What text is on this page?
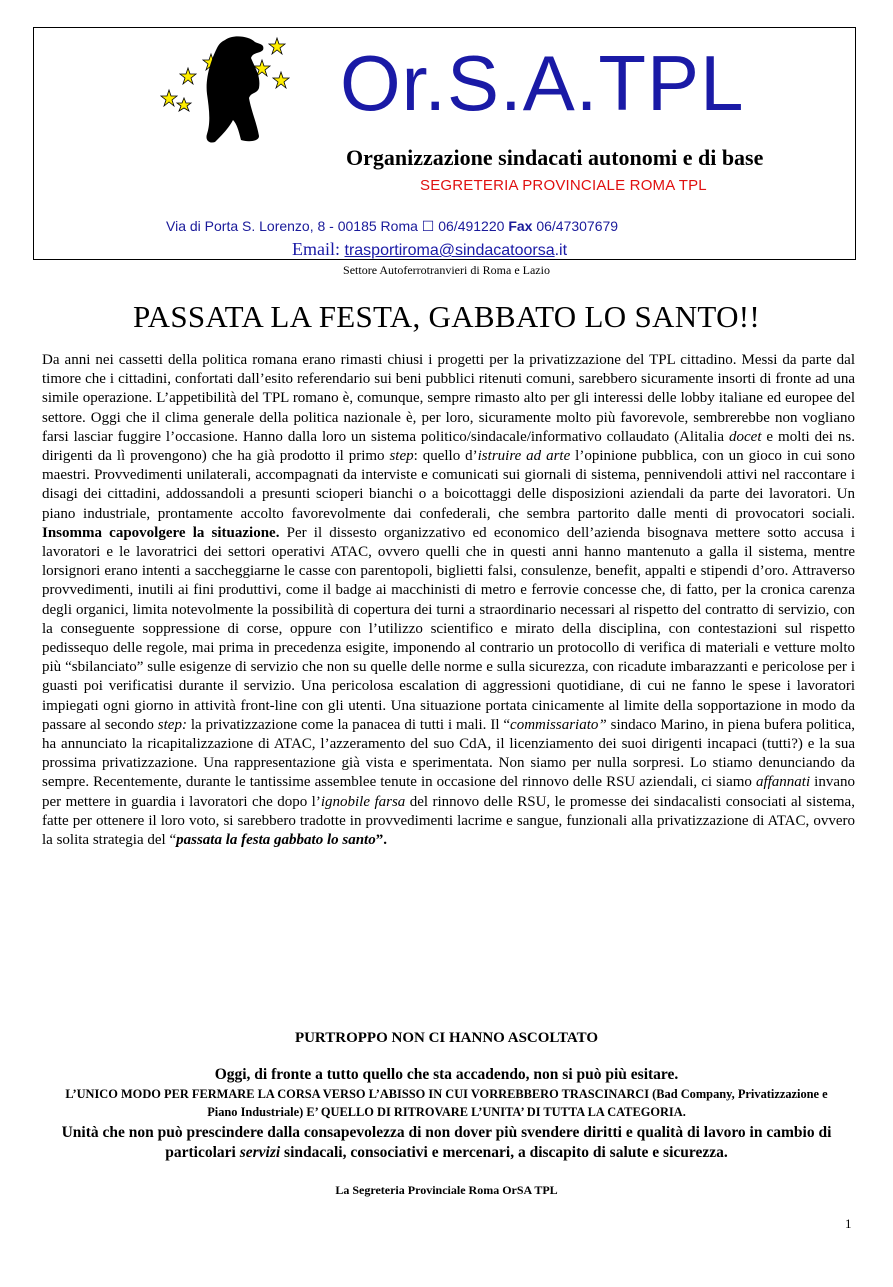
Or.S.A.TPL
Organizzazione sindacati autonomi e di base
SEGRETERIA PROVINCIALE ROMA TPL
Via di Porta S. Lorenzo, 8 - 00185 Roma ☐ 06/491220 Fax 06/47307679
Email: trasportiroma@sindacatoorsa.it
Settore Autoferrotranvieri di Roma e Lazio
PASSATA LA FESTA, GABBATO LO SANTO!!

Da anni nei cassetti della politica romana erano rimasti chiusi i progetti per la privatizzazione del TPL cittadino. Messi da parte dal timore che i cittadini, confortati dall’esito referendario sui beni pubblici ritenuti comuni, sarebbero sicuramente insorti di fronte ad una simile operazione. L’appetibilità del TPL romano è, comunque, sempre rimasto alto per gli interessi delle lobby italiane ed europee del settore. Oggi che il clima generale della politica nazionale è, per loro, sicuramente molto più favorevole, sembrerebbe non vogliano farsi lasciar fuggire l’occasione. Hanno dalla loro un sistema politico/sindacale/informativo collaudato (Alitalia docet e molti dei ns. dirigenti da lì provengono) che ha già prodotto il primo step: quello d’istruire ad arte l’opinione pubblica, con un gioco in cui sono maestri. Provvedimenti unilaterali, accompagnati da interviste e comunicati sui giornali di sistema, pennivendoli attivi nel raccontare i disagi dei cittadini, addossandoli a presunti scioperi bianchi o a boicottaggi delle disposizioni aziendali da parte dei lavoratori. Un piano industriale, prontamente accolto favorevolmente dai confederali, che sembra partorito dalle menti di provocatori sociali. Insomma capovolgere la situazione. Per il dissesto organizzativo ed economico dell’azienda bisognava mettere sotto accusa i lavoratori e le lavoratrici dei settori operativi ATAC, ovvero quelli che in questi anni hanno mantenuto a galla il sistema, mentre lorsignori erano intenti a saccheggiarne le casse con parentopoli, biglietti falsi, consulenze, benefit, appalti e stipendi d’oro. Attraverso provvedimenti, inutili ai fini produttivi, come il badge ai macchinisti di metro e ferrovie concesse che, di fatto, per la cronica carenza degli organici, limita notevolmente la possibilità di copertura dei turni a straordinario necessari al rispetto del contratto di servizio, con la conseguente soppressione di corse, oppure con l’utilizzo scientifico e mirato della disciplina, con contestazioni sul rispetto pedissequo delle regole, mai prima in precedenza esigite, imponendo al contrario un protocollo di verifica di materiali e vetture molto più “sbilanciato” sulle esigenze di servizio che non su quelle delle norme e sulla sicurezza, con ricadute imbarazzanti e pericolose per i guasti poi verificatisi durante il servizio. Una pericolosa escalation di aggressioni quotidiane, di cui ne fanno le spese i lavoratori impiegati ogni giorno in attività front-line con gli utenti. Una situazione portata cinicamente al limite della sopportazione in modo da passare al secondo step: la privatizzazione come la panacea di tutti i mali. Il “commissariato” sindaco Marino, in piena bufera politica, ha annunciato la ricapitalizzazione di ATAC, l’azzeramento del suo CdA, il licenziamento dei suoi dirigenti incapaci (tutti?) e la sua prossima privatizzazione. Una rappresentazione già vista e sperimentata. Non siamo per nulla sorpresi. Lo stiamo denunciando da sempre. Recentemente, durante le tantissime assemblee tenute in occasione del rinnovo delle RSU aziendali, ci siamo affannati invano per mettere in guardia i lavoratori che dopo l’ignobile farsa del rinnovo delle RSU, le promesse dei sindacalisti consociati al sistema, fatte per ottenere il loro voto, si sarebbero tradotte in provvedimenti lacrime e sangue, funzionali alla privatizzazione di ATAC, ovvero la solita strategia del “passata la festa gabbato lo santo”.

PURTROPPO NON CI HANNO ASCOLTATO
Oggi, di fronte a tutto quello che sta accadendo, non si può più esitare.
L’UNICO MODO PER FERMARE LA CORSA VERSO L’ABISSO IN CUI VORREBBERO TRASCINARCI (Bad Company, Privatizzazione e Piano Industriale) E’ QUELLO DI RITROVARE L’UNITA’ DI TUTTA LA CATEGORIA.
Unità che non può prescindere dalla consapevolezza di non dover più svendere diritti e qualità di lavoro in cambio di particolari servizi sindacali, consociativi e mercenari, a discapito di salute e sicurezza.
La Segreteria Provinciale Roma OrSA TPL
1
